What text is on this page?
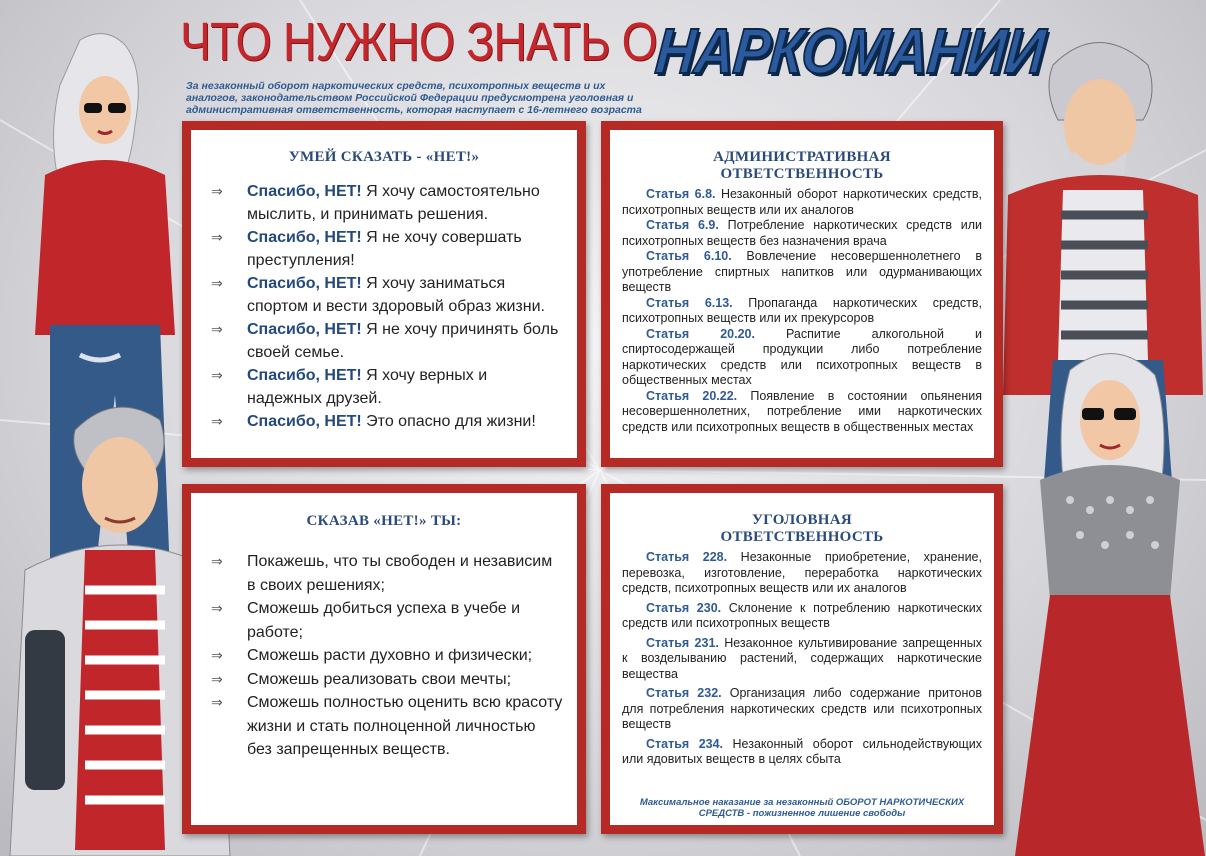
ЧТО НУЖНО ЗНАТЬ О
НАРКОМАНИИ
За незаконный оборот наркотических средств, психотропных веществ и их аналогов, законодательством Российской Федерации предусмотрена уголовная и административная ответственность, которая наступает с 16-летнего возраста
УМЕЙ СКАЗАТЬ - «НЕТ!»
⇒ Спасибо, НЕТ! Я хочу самостоятельно мыслить, и принимать решения.
⇒ Спасибо, НЕТ! Я не хочу совершать преступления!
⇒ Спасибо, НЕТ! Я хочу заниматься спортом и вести здоровый образ жизни.
⇒ Спасибо, НЕТ! Я не хочу причинять боль своей семье.
⇒ Спасибо, НЕТ! Я хочу верных и надежных друзей.
⇒ Спасибо, НЕТ! Это опасно для жизни!
АДМИНИСТРАТИВНАЯ ОТВЕТСТВЕННОСТЬ

Статья 6.8. Незаконный оборот наркотических средств, психотропных веществ или их аналогов

Статья 6.9. Потребление наркотических средств или психотропных веществ без назначения врача

Статья 6.10. Вовлечение несовершеннолетнего в употребление спиртных напитков или одурманивающих веществ

Статья 6.13. Пропаганда наркотических средств, психотропных веществ или их прекурсоров

Статья 20.20. Распитие алкогольной и спиртосодержащей продукции либо потребление наркотических средств или психотропных веществ в общественных местах

Статья 20.22. Появление в состоянии опьянения несовершеннолетних, потребление ими наркотических средств или психотропных веществ в общественных местах

СКАЗАВ «НЕТ!» ТЫ:
⇒ Покажешь, что ты свободен и независим в своих решениях;
⇒ Сможешь добиться успеха в учебе и работе;
⇒ Сможешь расти духовно и физически;
⇒ Сможешь реализовать свои мечты;
⇒ Сможешь полностью оценить всю красоту жизни и стать полноценной личностью без запрещенных веществ.
УГОЛОВНАЯ ОТВЕТСТВЕННОСТЬ

Статья 228. Незаконные приобретение, хранение, перевозка, изготовление, переработка наркотических средств, психотропных веществ или их аналогов

Статья 230. Склонение к потреблению наркотических средств или психотропных веществ

Статья 231. Незаконное культивирование запрещенных к возделыванию растений, содержащих наркотические вещества

Статья 232. Организация либо содержание притонов для потребления наркотических средств или психотропных веществ

Статья 234. Незаконный оборот сильнодействующих или ядовитых веществ в целях сбыта

Максимальное наказание за незаконный ОБОРОТ НАРКОТИЧЕСКИХ СРЕДСТВ - пожизненное лишение свободы
